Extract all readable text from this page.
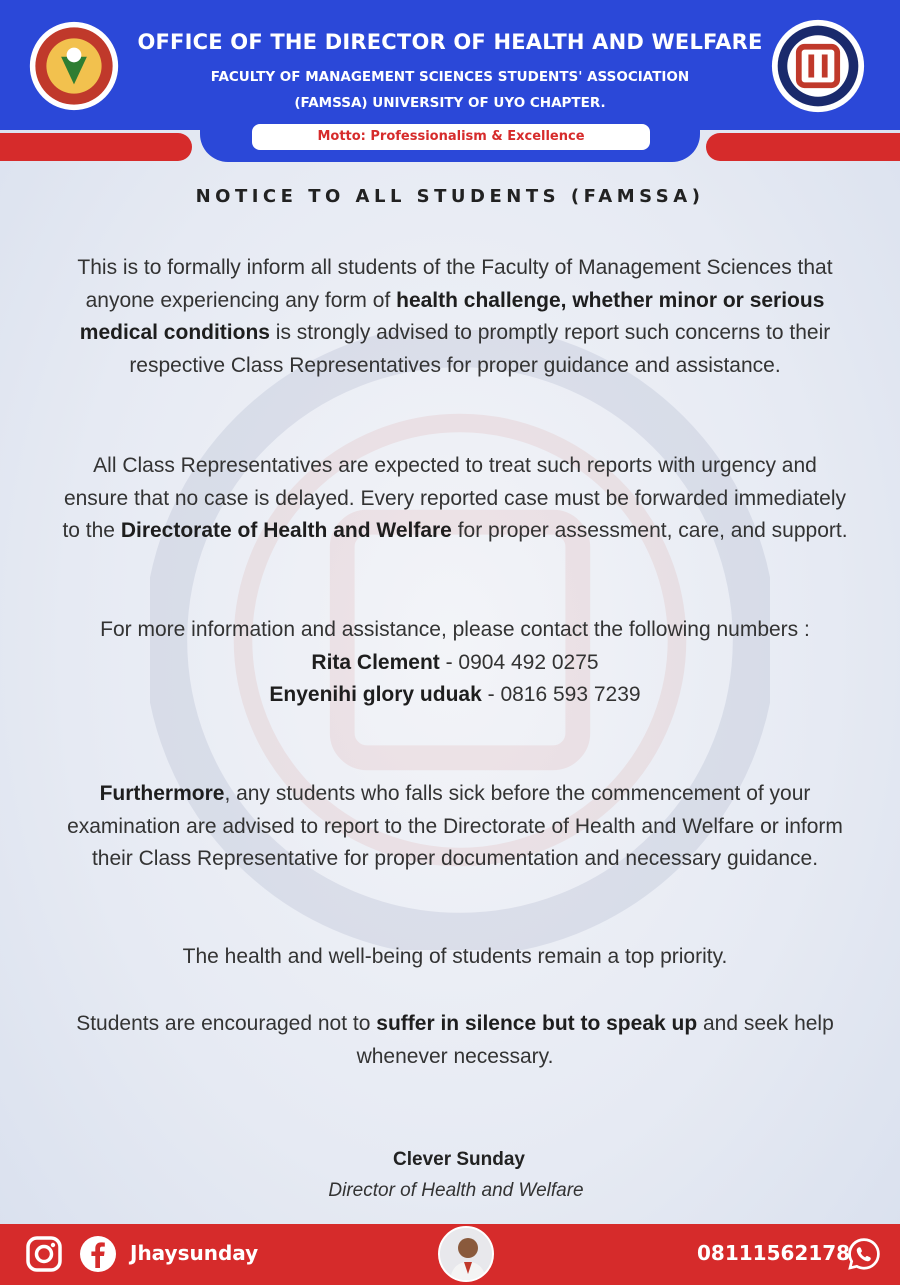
OFFICE OF THE DIRECTOR OF HEALTH AND WELFARE
FACULTY OF MANAGEMENT SCIENCES STUDENTS' ASSOCIATION
(FAMSSA) UNIVERSITY OF UYO CHAPTER.
Motto: Professionalism & Excellence
NOTICE TO ALL STUDENTS (FAMSSA)
This is to formally inform all students of the Faculty of Management Sciences that anyone experiencing any form of health challenge, whether minor or serious medical conditions is strongly advised to promptly report such concerns to their respective Class Representatives for proper guidance and assistance.
All Class Representatives are expected to treat such reports with urgency and ensure that no case is delayed. Every reported case must be forwarded immediately to the Directorate of Health and Welfare for proper assessment, care, and support.
For more information and assistance, please contact the following numbers :
Rita Clement - 0904 492 0275
Enyenihi glory uduak - 0816 593 7239
Furthermore, any students who falls sick before the commencement of your examination are advised to report to the Directorate of Health and Welfare or inform their Class Representative for proper documentation and necessary guidance.
The health and well-being of students remain a top priority.
Students are encouraged not to suffer in silence but to speak up and seek help whenever necessary.
Clever Sunday
Director of Health and Welfare
Jhaysunday	08111562178
